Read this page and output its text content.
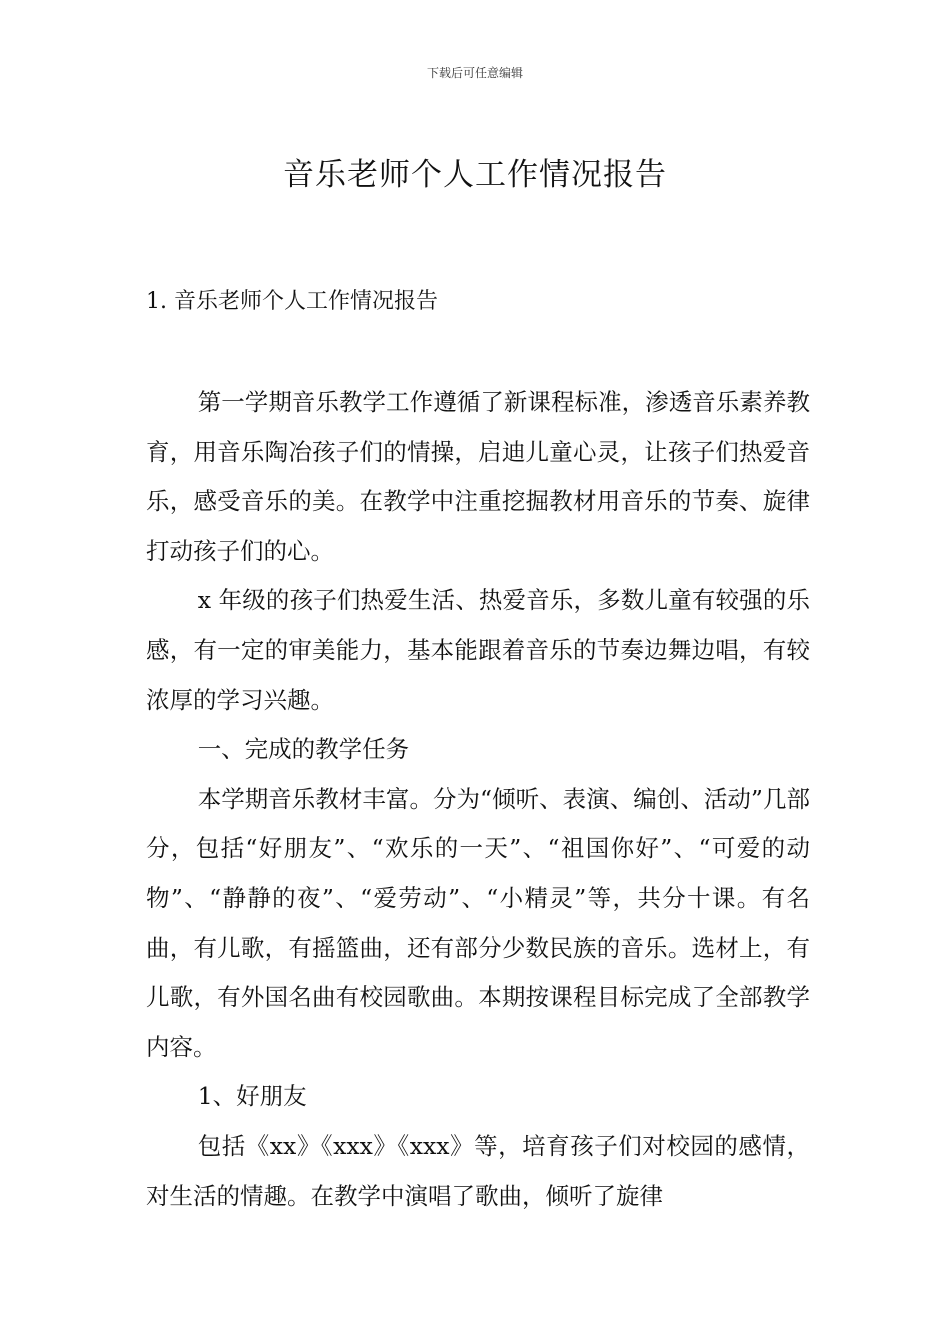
下载后可任意编辑
音乐老师个人工作情况报告
1. 音乐老师个人工作情况报告

第一学期音乐教学工作遵循了新课程标准，渗透音乐素养教育，用音乐陶冶孩子们的情操，启迪儿童心灵，让孩子们热爱音乐，感受音乐的美。在教学中注重挖掘教材用音乐的节奏、旋律打动孩子们的心。

x 年级的孩子们热爱生活、热爱音乐，多数儿童有较强的乐感，有一定的审美能力，基本能跟着音乐的节奏边舞边唱，有较浓厚的学习兴趣。

一、完成的教学任务

本学期音乐教材丰富。分为“倾听、表演、编创、活动”几部分，包括“好朋友”、“欢乐的一天”、“祖国你好”、“可爱的动物”、“静静的夜”、“爱劳动”、“小精灵”等，共分十课。有名曲，有儿歌，有摇篮曲，还有部分少数民族的音乐。选材上，有儿歌，有外国名曲有校园歌曲。本期按课程目标完成了全部教学内容。

1、好朋友

包括《xx》《xxx》《xxx》等，培育孩子们对校园的感情，对生活的情趣。在教学中演唱了歌曲，倾听了旋律
